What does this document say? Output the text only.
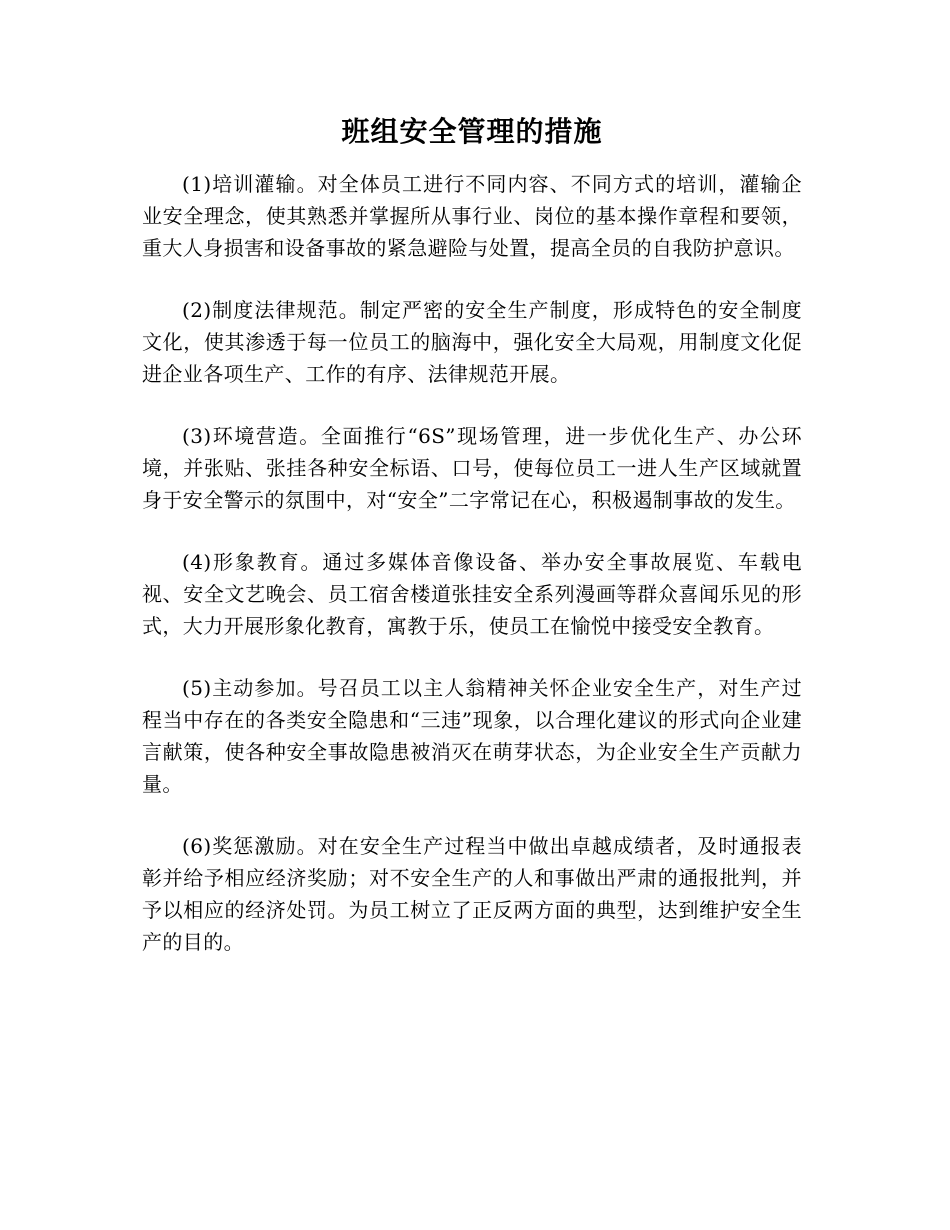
班组安全管理的措施

(1)培训灌输。对全体员工进行不同内容、不同方式的培训，灌输企业安全理念，使其熟悉并掌握所从事行业、岗位的基本操作章程和要领，重大人身损害和设备事故的紧急避险与处置，提高全员的自我防护意识。

(2)制度法律规范。制定严密的安全生产制度，形成特色的安全制度文化，使其渗透于每一位员工的脑海中，强化安全大局观，用制度文化促进企业各项生产、工作的有序、法律规范开展。

(3)环境营造。全面推行“6S”现场管理，进一步优化生产、办公环境，并张贴、张挂各种安全标语、口号，使每位员工一进人生产区域就置身于安全警示的氛围中，对“安全”二字常记在心，积极遏制事故的发生。

(4)形象教育。通过多媒体音像设备、举办安全事故展览、车载电视、安全文艺晚会、员工宿舍楼道张挂安全系列漫画等群众喜闻乐见的形式，大力开展形象化教育，寓教于乐，使员工在愉悦中接受安全教育。

(5)主动参加。号召员工以主人翁精神关怀企业安全生产，对生产过程当中存在的各类安全隐患和“三违”现象，以合理化建议的形式向企业建言献策，使各种安全事故隐患被消灭在萌芽状态，为企业安全生产贡献力量。

(6)奖惩激励。对在安全生产过程当中做出卓越成绩者，及时通报表彰并给予相应经济奖励；对不安全生产的人和事做出严肃的通报批判，并予以相应的经济处罚。为员工树立了正反两方面的典型，达到维护安全生产的目的。
